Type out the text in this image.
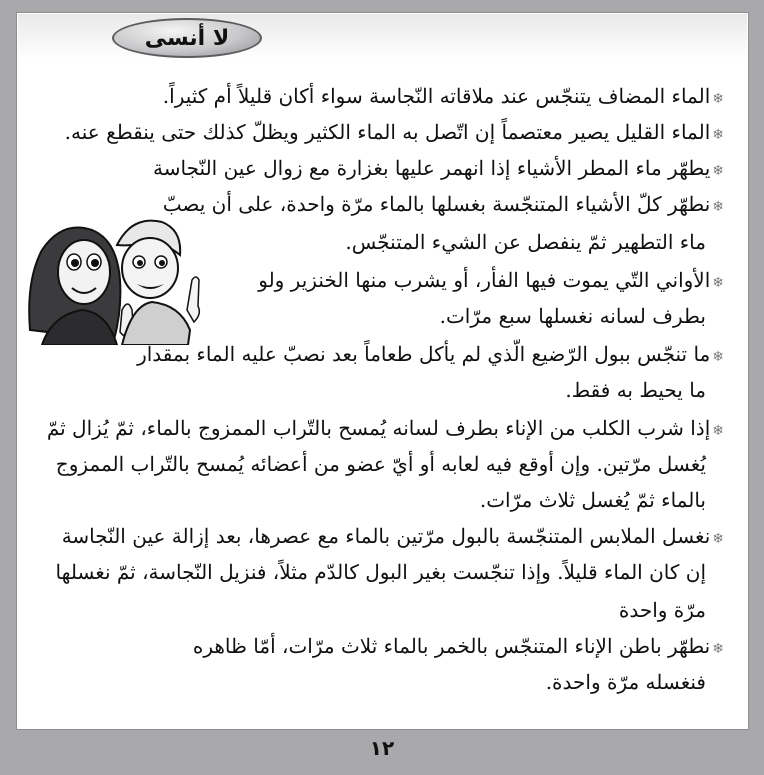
لا أنسى
❄الماء المضاف يتنجّس عند ملاقاته النّجاسة سواء أكان قليلاً أم كثيراً.
❄الماء القليل يصير معتصماً إن اتّصل به الماء الكثير ويظلّ كذلك حتى ينقطع عنه.
❄يطهّر ماء المطر الأشياء إذا انهمر عليها بغزارة مع زوال عين النّجاسة
❄نطهّر كلّ الأشياء المتنجّسة بغسلها بالماء مرّة واحدة، على أن يصبّ
ماء التطهير ثمّ ينفصل عن الشيء المتنجّس.
❄الأواني التّي يموت فيها الفأر، أو يشرب منها الخنزير ولو
بطرف لسانه نغسلها سبع مرّات.
❄ما تنجّس ببول الرّضيع الّذي لم يأكل طعاماً بعد نصبّ عليه الماء بمقدار
ما يحيط به فقط.
❄إذا شرب الكلب من الإناء بطرف لسانه يُمسح بالتّراب الممزوج بالماء، ثمّ يُزال ثمّ
يُغسل مرّتين. وإن أوقع فيه لعابه أو أيّ عضو من أعضائه يُمسح بالتّراب الممزوج
بالماء ثمّ يُغسل ثلاث مرّات.
❄نغسل الملابس المتنجّسة بالبول مرّتين بالماء مع عصرها، بعد إزالة عين النّجاسة
إن كان الماء قليلاً. وإذا تنجّست بغير البول كالدّم مثلاً، فنزيل النّجاسة، ثمّ نغسلها
مرّة واحدة
❄نطهّر باطن الإناء المتنجّس بالخمر بالماء ثلاث مرّات، أمّا ظاهره
فنغسله مرّة واحدة.
١٢
